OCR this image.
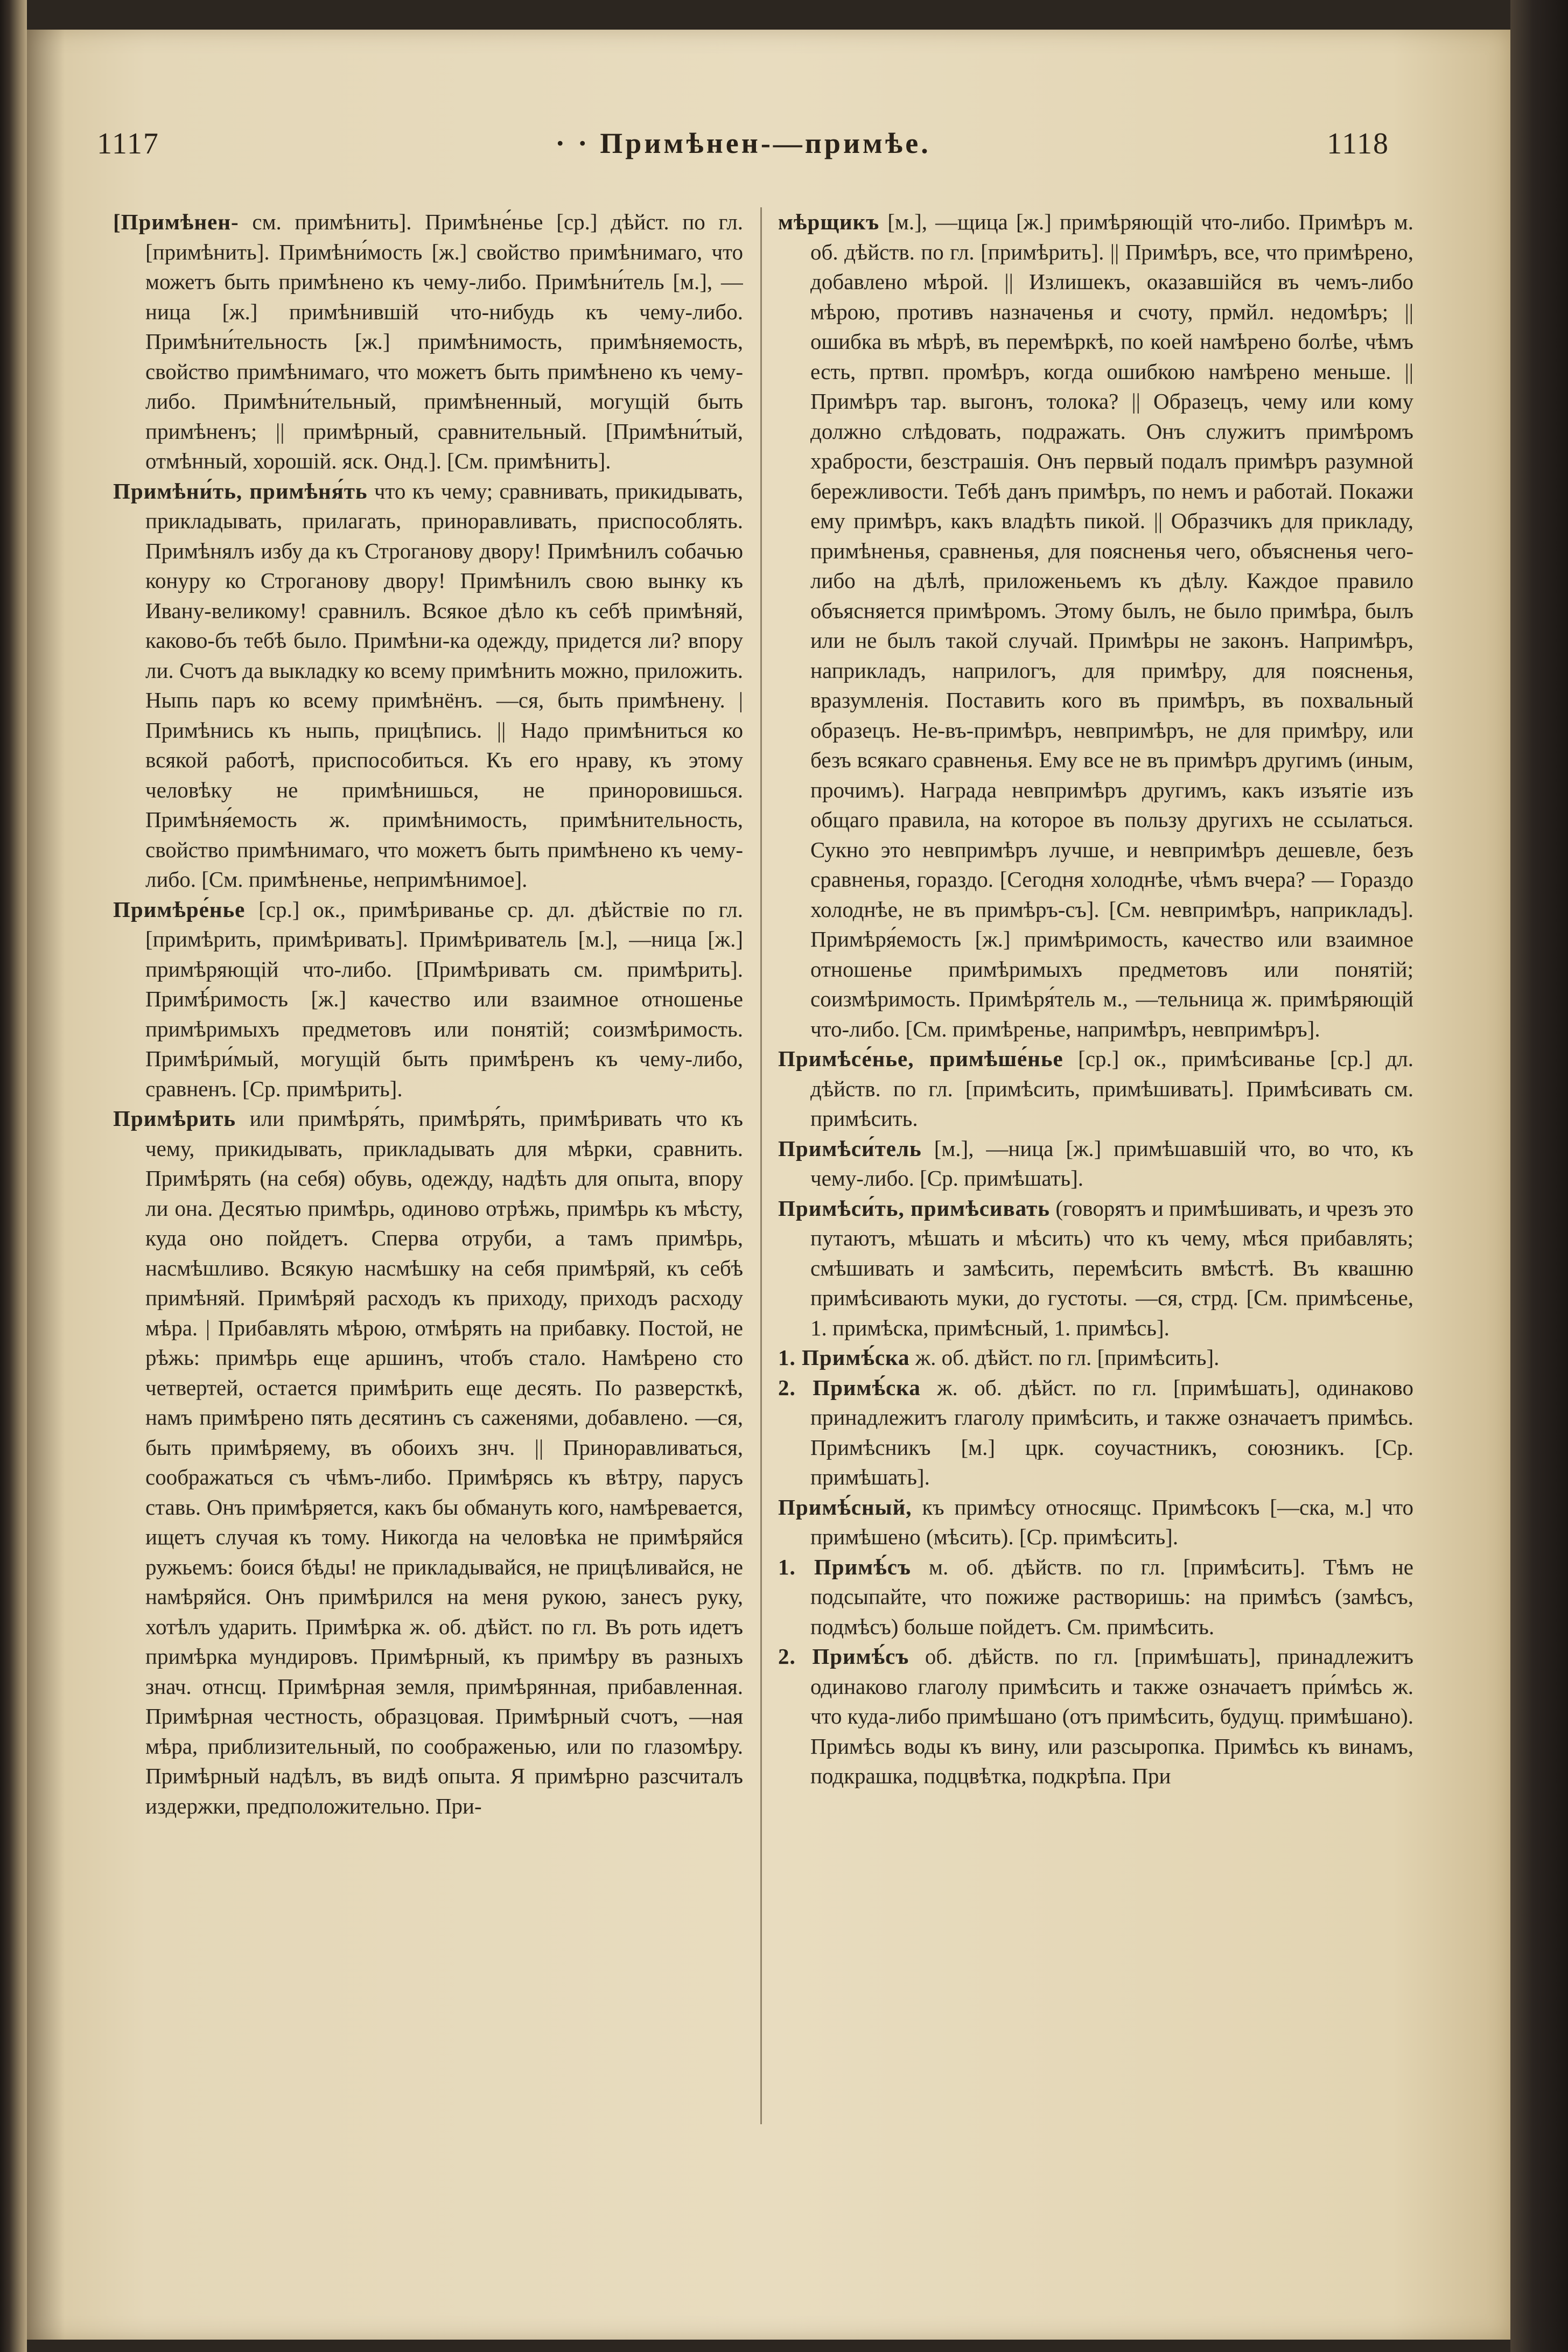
1117	· · Примѣнен-—примѣе.	1118

[Примѣнен- см. примѣнить]. Примѣне́нье [ср.] дѣйст. по гл. [примѣнить]. Примѣни́мость [ж.] свойство примѣнимаго, что можетъ быть примѣнено къ чему-либо. Примѣни́тель [м.], —ница [ж.] примѣнившій что-нибудь къ чему-либо. Примѣни́тельность [ж.] примѣнимость, примѣняемость, свойство примѣнимаго, что можетъ быть примѣнено къ чему-либо. Примѣни́тельный, примѣненный, могущій быть примѣненъ; || примѣрный, сравнительный. [Примѣни́тый, отмѣнный, хорошій. яск. Онд.]. [См. примѣнить].

Примѣни́ть, примѣня́ть что къ чему; сравнивать, прикидывать, прикладывать, прилагать, приноравливать, приспособлять. Примѣнялъ избу да къ Строганову двору! Примѣнилъ собачью конуру ко Строганову двору! Примѣнилъ свою вынку къ Ивану-великому! сравнилъ. Всякое дѣло къ себѣ примѣняй, каково-бъ тебѣ было. Примѣни-ка одежду, придется ли? впору ли. Счотъ да выкладку ко всему примѣнить можно, приложить. Ныпь паръ ко всему примѣнёнъ. —ся, быть примѣнену. | Примѣнись къ ныпь, прицѣпись. || Надо примѣниться ко всякой работѣ, приспособиться. Къ его нраву, къ этому человѣку не примѣнишься, не приноровишься. Примѣня́емость ж. примѣнимость, примѣнительность, свойство примѣнимаго, что можетъ быть примѣнено къ чему-либо. [См. примѣненье, непримѣнимое].

Примѣре́нье [ср.] ок., примѣриванье ср. дл. дѣйствіе по гл. [примѣрить, примѣривать]. Примѣриватель [м.], —ница [ж.] примѣряющій что-либо. [Примѣривать см. примѣрить]. Примѣ́римость [ж.] качество или взаимное отношенье примѣримыхъ предметовъ или понятій; соизмѣримость. Примѣри́мый, могущій быть примѣренъ къ чему-либо, сравненъ. [Ср. примѣрить].

Примѣрить или примѣря́ть, примѣря́ть, примѣривать что къ чему, прикидывать, прикладывать для мѣрки, сравнить. Примѣрять (на себя) обувь, одежду, надѣть для опыта, впору ли она. Десятью примѣрь, одиново отрѣжь, примѣрь къ мѣсту, куда оно пойдетъ. Сперва отруби, а тамъ примѣрь, насмѣшливо. Всякую насмѣшку на себя примѣряй, къ себѣ примѣняй. Примѣряй расходъ къ приходу, приходъ расходу мѣра. | Прибавлять мѣрою, отмѣрять на прибавку. Постой, не рѣжь: примѣрь еще аршинъ, чтобъ стало. Намѣрено сто четвертей, остается примѣрить еще десять. По разверсткѣ, намъ примѣрено пять десятинъ съ саженями, добавлено. —ся, быть примѣряему, въ обоихъ знч. || Приноравливаться, соображаться съ чѣмъ-либо. Примѣрясь къ вѣтру, парусъ ставь. Онъ примѣряется, какъ бы обмануть кого, намѣревается, ищетъ случая къ тому. Никогда на человѣка не примѣряйся ружьемъ: боися бѣды! не прикладывайся, не прицѣливайся, не намѣряйся. Онъ примѣрился на меня рукою, занесъ руку, хотѣлъ ударить. Примѣрка ж. об. дѣйст. по гл. Въ роть идетъ примѣрка мундировъ. Примѣрный, къ примѣру въ разныхъ знач. отнсщ. Примѣрная земля, примѣрянная, прибавленная. Примѣрная честность, образцовая. Примѣрный счотъ, —ная мѣра, приблизительный, по соображенью, или по глазомѣру. Примѣрный надѣлъ, въ видѣ опыта. Я примѣрно разсчиталъ издержки, предположительно. При-

мѣрщикъ [м.], —щица [ж.] примѣряющій что-либо. Примѣръ м. об. дѣйств. по гл. [примѣрить]. || Примѣръ, все, что примѣрено, добавлено мѣрой. || Излишекъ, оказавшійся въ чемъ-либо мѣрою, противъ назначенья и счоту, прмйл. недомѣръ; || ошибка въ мѣрѣ, въ перемѣркѣ, по коей намѣрено болѣе, чѣмъ есть, пртвп. промѣръ, когда ошибкою намѣрено меньше. || Примѣръ тар. выгонъ, толока? || Образецъ, чему или кому должно слѣдовать, подражать. Онъ служитъ примѣромъ храбрости, безстрашія. Онъ первый подалъ примѣръ разумной бережливости. Тебѣ данъ примѣръ, по немъ и работай. Покажи ему примѣръ, какъ владѣть пикой. || Образчикъ для прикладу, примѣненья, сравненья, для поясненья чего, объясненья чего-либо на дѣлѣ, приложеньемъ къ дѣлу. Каждое правило объясняется примѣромъ. Этому былъ, не было примѣра, былъ или не былъ такой случай. Примѣры не законъ. Напримѣръ, наприкладъ, наприлогъ, для примѣру, для поясненья, вразумленія. Поставить кого въ примѣръ, въ похвальный образецъ. Не-въ-примѣръ, невпримѣръ, не для примѣру, или безъ всякаго сравненья. Ему все не въ примѣръ другимъ (иным, прочимъ). Награда невпримѣръ другимъ, какъ изъятіе изъ общаго правила, на которое въ пользу другихъ не ссылаться. Сукно это невпримѣръ лучше, и невпримѣръ дешевле, безъ сравненья, гораздо. [Сегодня холоднѣе, чѣмъ вчера? — Гораздо холоднѣе, не въ примѣръ-съ]. [См. невпримѣръ, наприкладъ]. Примѣря́емость [ж.] примѣримость, качество или взаимное отношенье примѣримыхъ предметовъ или понятій; соизмѣримость. Примѣря́тель м., —тельница ж. примѣряющій что-либо. [См. примѣренье, напримѣръ, невпримѣръ].

Примѣсе́нье, примѣше́нье [ср.] ок., примѣсиванье [ср.] дл. дѣйств. по гл. [примѣсить, примѣшивать]. Примѣсивать см. примѣсить.

Примѣси́тель [м.], —ница [ж.] примѣшавшій что, во что, къ чему-либо. [Ср. примѣшать].

Примѣси́ть, примѣсивать (говорятъ и примѣшивать, и чрезъ это путаютъ, мѣшать и мѣсить) что къ чему, мѣся прибавлять; смѣшивать и замѣсить, перемѣсить вмѣстѣ. Въ квашню примѣсивають муки, до густоты. —ся, стрд. [См. примѣсенье, 1. примѣска, примѣсный, 1. примѣсь].

1. Примѣ́ска ж. об. дѣйст. по гл. [примѣсить].

2. Примѣ́ска ж. об. дѣйст. по гл. [примѣшать], одинаково принадлежитъ глаголу примѣсить, и также означаетъ примѣсь. Примѣсникъ [м.] црк. соучастникъ, союзникъ. [Ср. примѣшать].

Примѣ́сный, къ примѣсу относящс. Примѣсокъ [—ска, м.] что примѣшено (мѣсить). [Ср. примѣсить].

1. Примѣ́съ м. об. дѣйств. по гл. [примѣсить]. Тѣмъ не подсыпайте, что пожиже растворишь: на примѣсъ (замѣсъ, подмѣсъ) больше пойдетъ. См. примѣсить.

2. Примѣ́съ об. дѣйств. по гл. [примѣшать], принадлежитъ одинаково глаголу примѣсить и также означаетъ при́мѣсь ж. что куда-либо примѣшано (отъ примѣсить, будущ. примѣшано). Примѣсь воды къ вину, или разсыропка. Примѣсь къ винамъ, подкрашка, подцвѣтка, подкрѣпа. При
